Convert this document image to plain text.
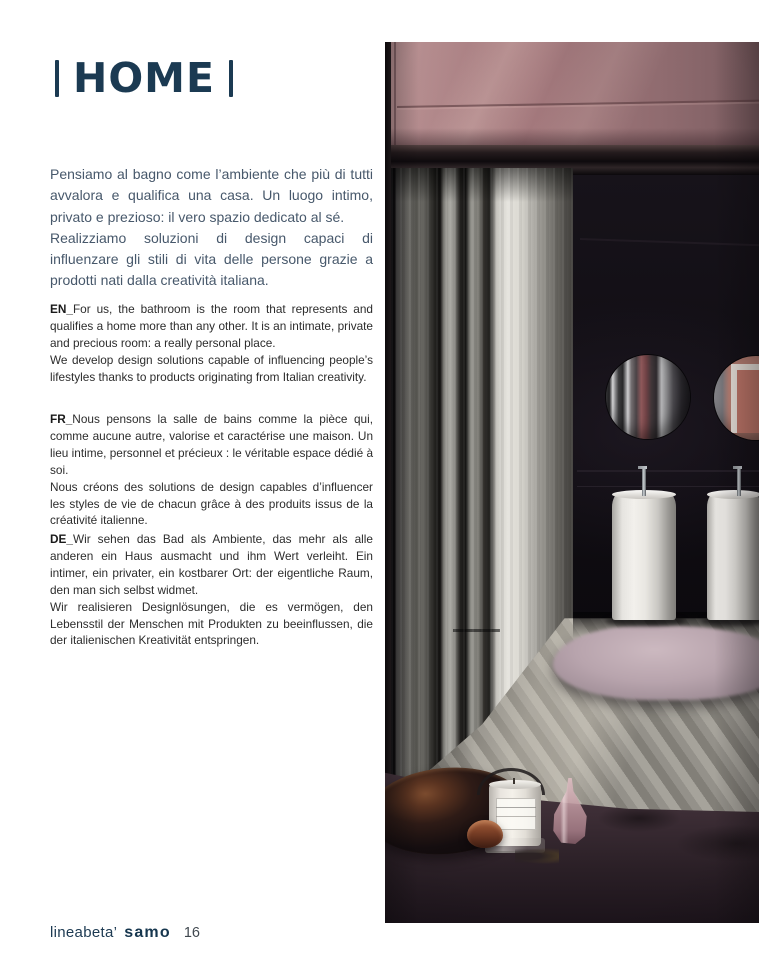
HOME

Pensiamo al bagno come l’ambiente che più di tutti avvalora e qualifica una casa. Un luogo intimo, privato e prezioso: il vero spazio dedicato al sé.

Realizziamo soluzioni di design capaci di influenzare gli stili di vita delle persone grazie a prodotti nati dalla creatività italiana.

EN_For us, the bathroom is the room that represents and qualifies a home more than any other. It is an intimate, private and precious room: a really personal place.

We develop design solutions capable of influencing people’s lifestyles thanks to products originating from Italian creativity.

FR_Nous pensons la salle de bains comme la pièce qui, comme aucune autre, valorise et caractérise une maison. Un lieu intime, personnel et précieux : le véritable espace dédié à soi.

Nous créons des solutions de design capables d’influencer les styles de vie de chacun grâce à des produits issus de la créativité italienne.

DE_Wir sehen das Bad als Ambiente, das mehr als alle anderen ein Haus ausmacht und ihm Wert verleiht. Ein intimer, ein privater, ein kostbarer Ort: der eigentliche Raum, den man sich selbst widmet.

Wir realisieren Designlösungen, die es vermögen, den Lebensstil der Menschen mit Produkten zu beeinflussen, die der italienischen Kreativität entspringen.

lineabeta’ samo 16
